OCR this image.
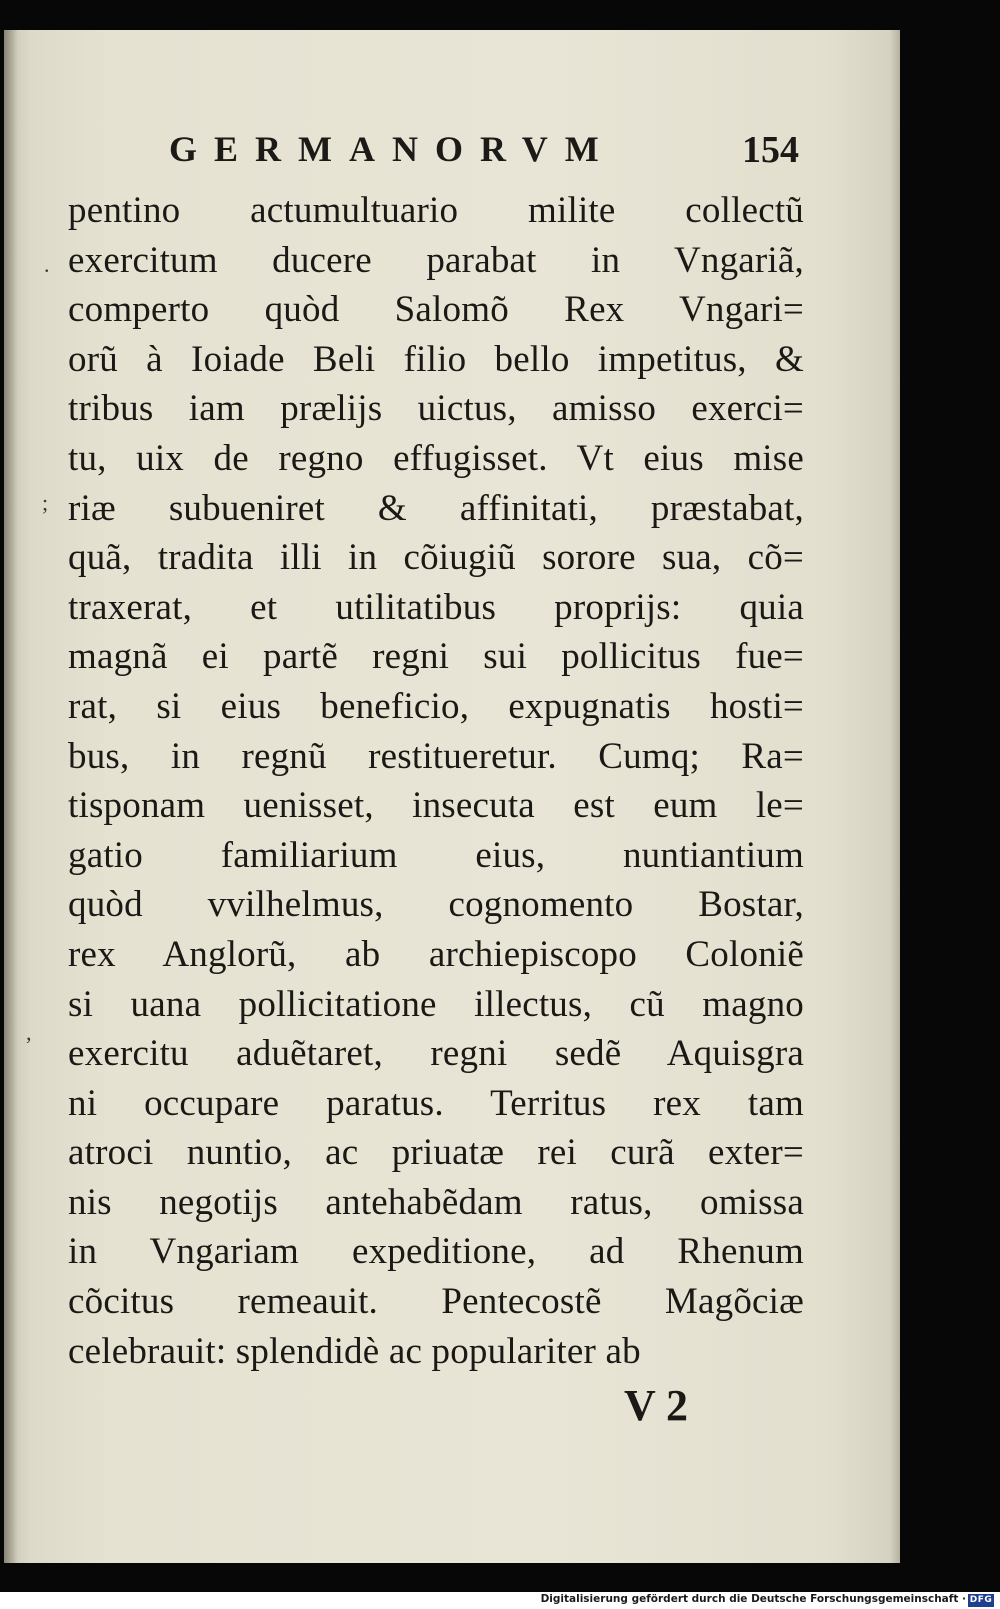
GERMANORVM	154
.
;
,
pentino actumultuario milite collectũ
exercitum ducere parabat in Vngariã,
comperto quòd Salomõ Rex Vngari=
orũ à Ioiade Beli filio bello impetitus, &
tribus iam prælijs uictus, amisso exerci=
tu, uix de regno effugisset. Vt eius mise
riæ subueniret & affinitati, præstabat,
quã, tradita illi in cõiugiũ sorore sua, cõ=
traxerat, et utilitatibus proprijs: quia
magnã ei partẽ regni sui pollicitus fue=
rat, si eius beneficio, expugnatis hosti=
bus, in regnũ restitueretur. Cumq; Ra=
tisponam uenisset, insecuta est eum le=
gatio familiarium eius, nuntiantium
quòd vvilhelmus, cognomento Bostar,
rex Anglorũ, ab archiepiscopo Coloniẽ
si uana pollicitatione illectus, cũ magno
exercitu aduẽtaret, regni sedẽ Aquisgra
ni occupare paratus. Territus rex tam
atroci nuntio, ac priuatæ rei curã exter=
nis negotijs antehabẽdam ratus, omissa
in Vngariam expeditione, ad Rhenum
cõcitus remeauit. Pentecostẽ Magõciæ
celebrauit: splendidè ac populariter ab
V 2
Digitalisierung gefördert durch die Deutsche Forschungsgemeinschaft · DFG
